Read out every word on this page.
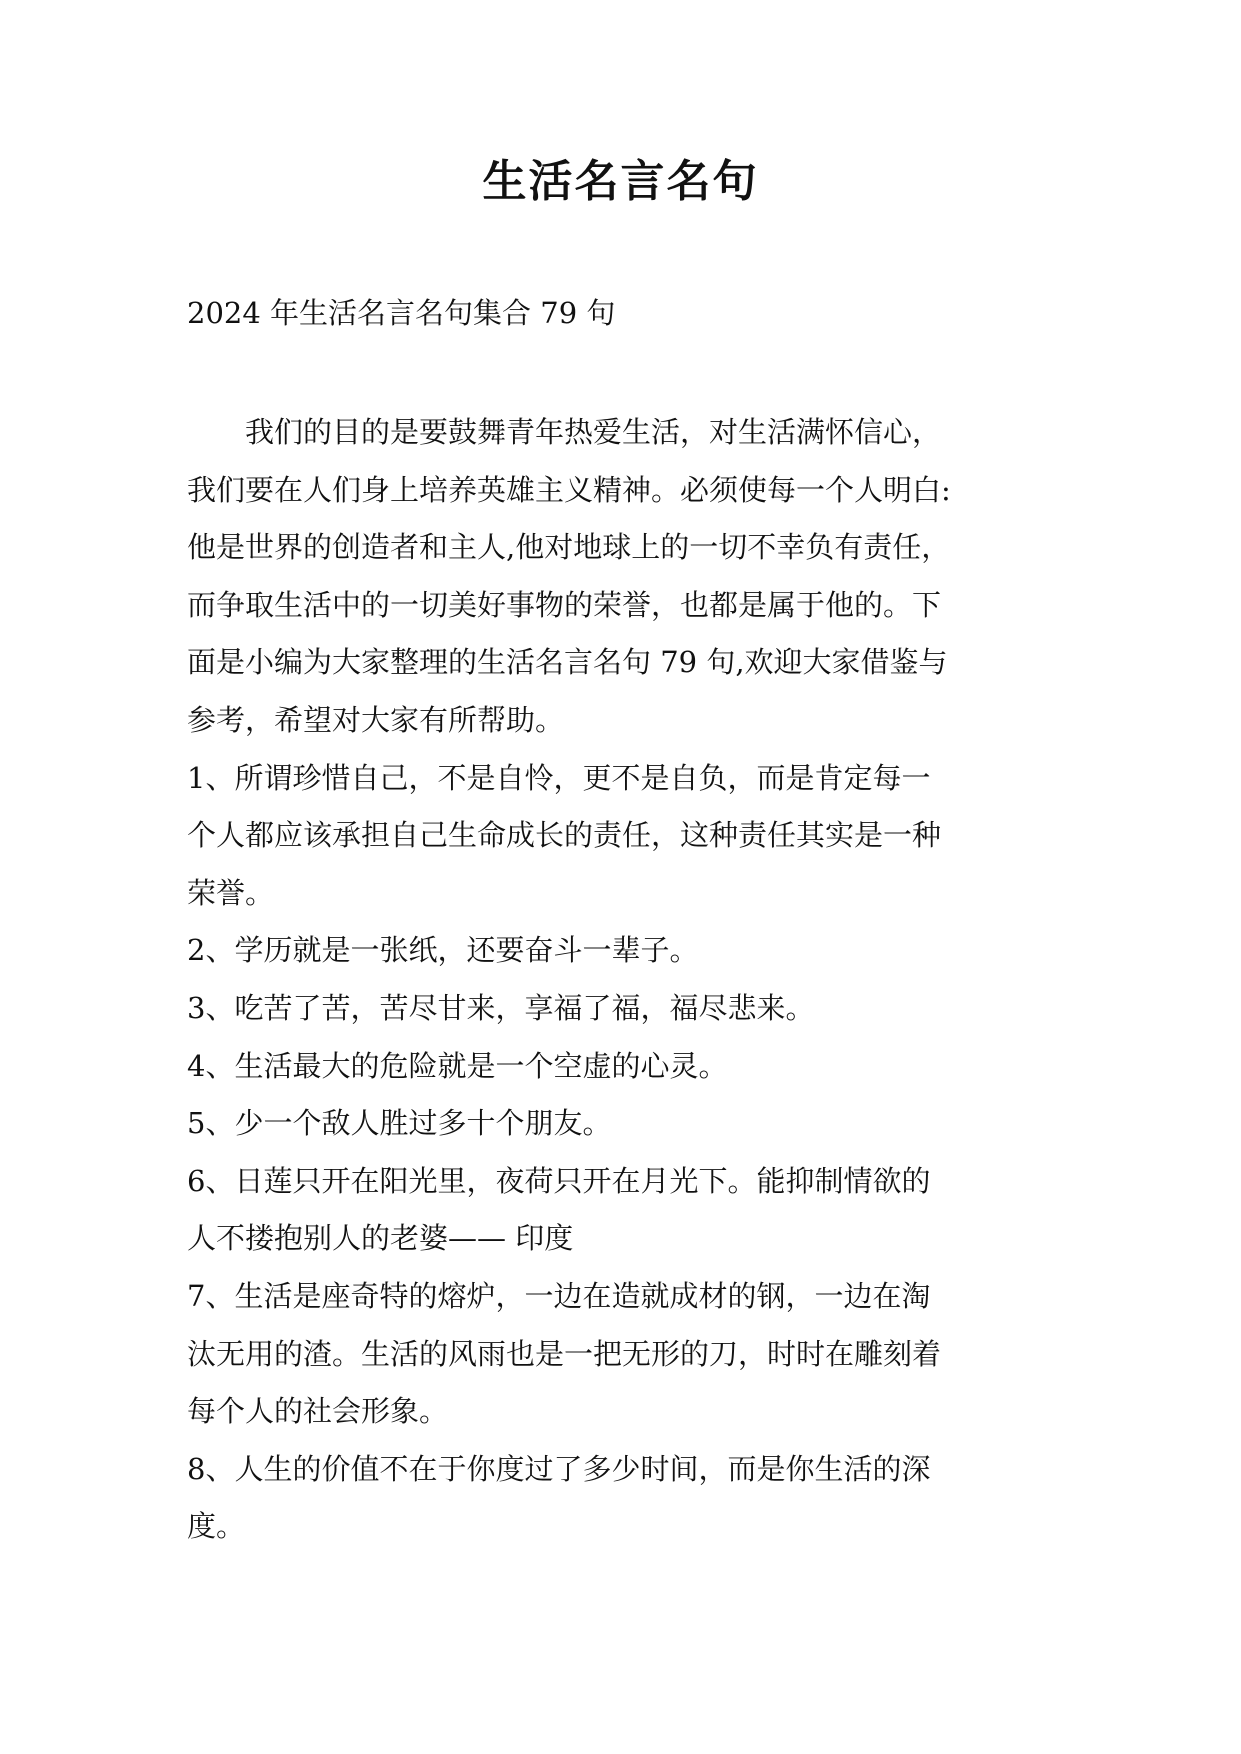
生活名言名句
2024 年生活名言名句集合 79 句
　　我们的目的是要鼓舞青年热爱生活，对生活满怀信心，
我们要在人们身上培养英雄主义精神。必须使每一个人明白:
他是世界的创造者和主人,他对地球上的一切不幸负有责任，
而争取生活中的一切美好事物的荣誉，也都是属于他的。下
面是小编为大家整理的生活名言名句 79 句,欢迎大家借鉴与
参考，希望对大家有所帮助。
1、所谓珍惜自己，不是自怜，更不是自负，而是肯定每一
个人都应该承担自己生命成长的责任，这种责任其实是一种
荣誉。
2、学历就是一张纸，还要奋斗一辈子。
3、吃苦了苦，苦尽甘来，享福了福，福尽悲来。
4、生活最大的危险就是一个空虚的心灵。
5、少一个敌人胜过多十个朋友。
6、日莲只开在阳光里，夜荷只开在月光下。能抑制情欲的
人不搂抱别人的老婆—— 印度
7、生活是座奇特的熔炉，一边在造就成材的钢，一边在淘
汰无用的渣。生活的风雨也是一把无形的刀，时时在雕刻着
每个人的社会形象。
8、人生的价值不在于你度过了多少时间，而是你生活的深
度。
